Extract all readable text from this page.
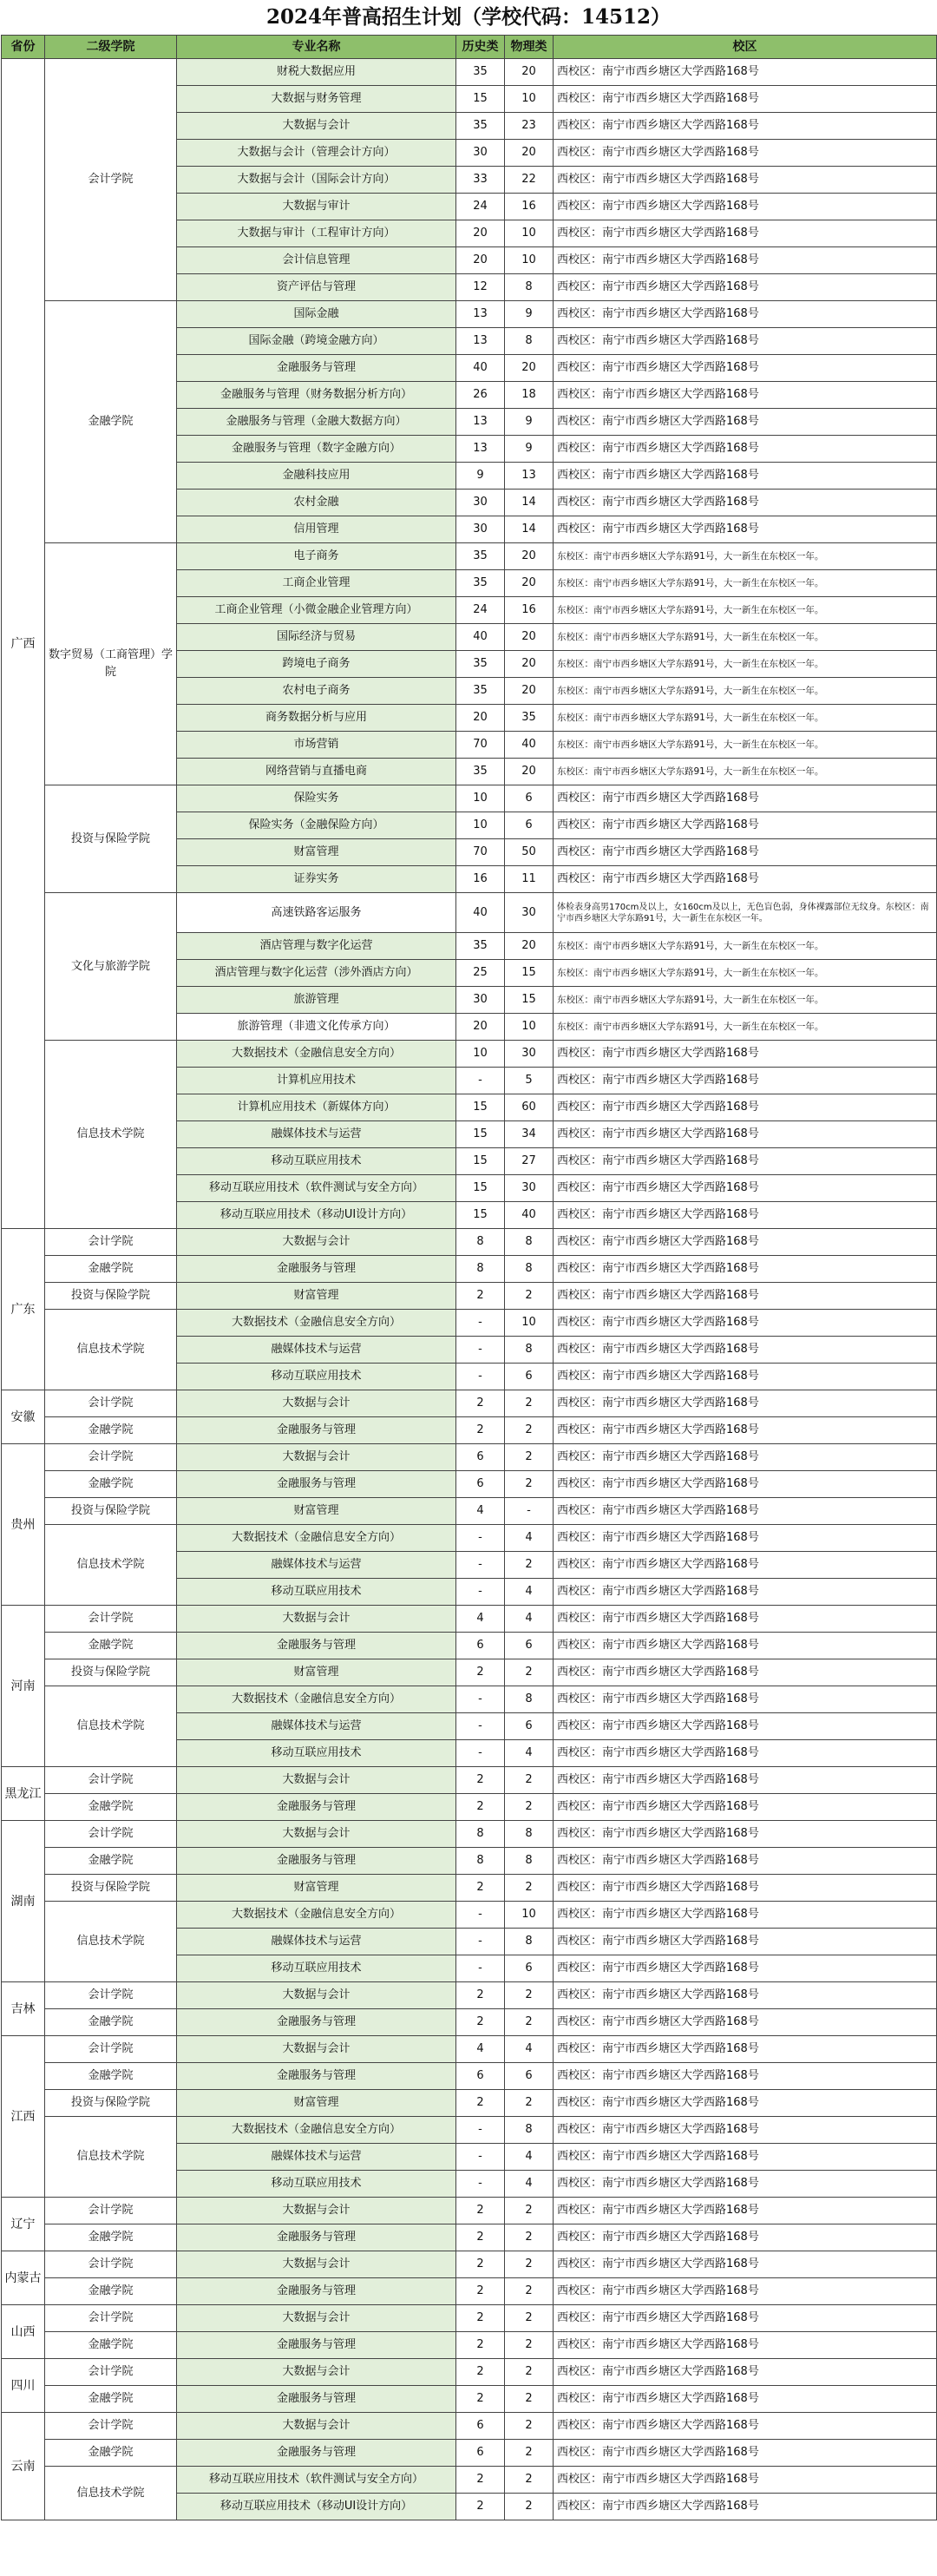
2024年普高招生计划（学校代码：14512）
省份	二级学院	专业名称	历史类	物理类	校区
广西	会计学院	财税大数据应用	35	20	西校区：南宁市西乡塘区大学西路168号
		大数据与财务管理	15	10	西校区：南宁市西乡塘区大学西路168号
		大数据与会计	35	23	西校区：南宁市西乡塘区大学西路168号
		大数据与会计（管理会计方向）	30	20	西校区：南宁市西乡塘区大学西路168号
		大数据与会计（国际会计方向）	33	22	西校区：南宁市西乡塘区大学西路168号
		大数据与审计	24	16	西校区：南宁市西乡塘区大学西路168号
		大数据与审计（工程审计方向）	20	10	西校区：南宁市西乡塘区大学西路168号
		会计信息管理	20	10	西校区：南宁市西乡塘区大学西路168号
		资产评估与管理	12	8	西校区：南宁市西乡塘区大学西路168号
	金融学院	国际金融	13	9	西校区：南宁市西乡塘区大学西路168号
		国际金融（跨境金融方向）	13	8	西校区：南宁市西乡塘区大学西路168号
		金融服务与管理	40	20	西校区：南宁市西乡塘区大学西路168号
		金融服务与管理（财务数据分析方向）	26	18	西校区：南宁市西乡塘区大学西路168号
		金融服务与管理（金融大数据方向）	13	9	西校区：南宁市西乡塘区大学西路168号
		金融服务与管理（数字金融方向）	13	9	西校区：南宁市西乡塘区大学西路168号
		金融科技应用	9	13	西校区：南宁市西乡塘区大学西路168号
		农村金融	30	14	西校区：南宁市西乡塘区大学西路168号
		信用管理	30	14	西校区：南宁市西乡塘区大学西路168号
	数字贸易（工商管理）学院	电子商务	35	20	东校区：南宁市西乡塘区大学东路91号，大一新生在东校区一年。
		工商企业管理	35	20	东校区：南宁市西乡塘区大学东路91号，大一新生在东校区一年。
		工商企业管理（小微金融企业管理方向）	24	16	东校区：南宁市西乡塘区大学东路91号，大一新生在东校区一年。
		国际经济与贸易	40	20	东校区：南宁市西乡塘区大学东路91号，大一新生在东校区一年。
		跨境电子商务	35	20	东校区：南宁市西乡塘区大学东路91号，大一新生在东校区一年。
		农村电子商务	35	20	东校区：南宁市西乡塘区大学东路91号，大一新生在东校区一年。
		商务数据分析与应用	20	35	东校区：南宁市西乡塘区大学东路91号，大一新生在东校区一年。
		市场营销	70	40	东校区：南宁市西乡塘区大学东路91号，大一新生在东校区一年。
		网络营销与直播电商	35	20	东校区：南宁市西乡塘区大学东路91号，大一新生在东校区一年。
	投资与保险学院	保险实务	10	6	西校区：南宁市西乡塘区大学西路168号
		保险实务（金融保险方向）	10	6	西校区：南宁市西乡塘区大学西路168号
		财富管理	70	50	西校区：南宁市西乡塘区大学西路168号
		证券实务	16	11	西校区：南宁市西乡塘区大学西路168号
	文化与旅游学院	高速铁路客运服务	40	30	体检表身高男170cm及以上，女160cm及以上，无色盲色弱，身体裸露部位无纹身。东校区：南宁市西乡塘区大学东路91号，大一新生在东校区一年。
		酒店管理与数字化运营	35	20	东校区：南宁市西乡塘区大学东路91号，大一新生在东校区一年。
		酒店管理与数字化运营（涉外酒店方向）	25	15	东校区：南宁市西乡塘区大学东路91号，大一新生在东校区一年。
		旅游管理	30	15	东校区：南宁市西乡塘区大学东路91号，大一新生在东校区一年。
		旅游管理（非遗文化传承方向）	20	10	东校区：南宁市西乡塘区大学东路91号，大一新生在东校区一年。
	信息技术学院	大数据技术（金融信息安全方向）	10	30	西校区：南宁市西乡塘区大学西路168号
		计算机应用技术	-	5	西校区：南宁市西乡塘区大学西路168号
		计算机应用技术（新媒体方向）	15	60	西校区：南宁市西乡塘区大学西路168号
		融媒体技术与运营	15	34	西校区：南宁市西乡塘区大学西路168号
		移动互联应用技术	15	27	西校区：南宁市西乡塘区大学西路168号
		移动互联应用技术（软件测试与安全方向）	15	30	西校区：南宁市西乡塘区大学西路168号
		移动互联应用技术（移动UI设计方向）	15	40	西校区：南宁市西乡塘区大学西路168号
广东	会计学院	大数据与会计	8	8	西校区：南宁市西乡塘区大学西路168号
	金融学院	金融服务与管理	8	8	西校区：南宁市西乡塘区大学西路168号
	投资与保险学院	财富管理	2	2	西校区：南宁市西乡塘区大学西路168号
	信息技术学院	大数据技术（金融信息安全方向）	-	10	西校区：南宁市西乡塘区大学西路168号
		融媒体技术与运营	-	8	西校区：南宁市西乡塘区大学西路168号
		移动互联应用技术	-	6	西校区：南宁市西乡塘区大学西路168号
安徽	会计学院	大数据与会计	2	2	西校区：南宁市西乡塘区大学西路168号
	金融学院	金融服务与管理	2	2	西校区：南宁市西乡塘区大学西路168号
贵州	会计学院	大数据与会计	6	2	西校区：南宁市西乡塘区大学西路168号
	金融学院	金融服务与管理	6	2	西校区：南宁市西乡塘区大学西路168号
	投资与保险学院	财富管理	4	-	西校区：南宁市西乡塘区大学西路168号
	信息技术学院	大数据技术（金融信息安全方向）	-	4	西校区：南宁市西乡塘区大学西路168号
		融媒体技术与运营	-	2	西校区：南宁市西乡塘区大学西路168号
		移动互联应用技术	-	4	西校区：南宁市西乡塘区大学西路168号
河南	会计学院	大数据与会计	4	4	西校区：南宁市西乡塘区大学西路168号
	金融学院	金融服务与管理	6	6	西校区：南宁市西乡塘区大学西路168号
	投资与保险学院	财富管理	2	2	西校区：南宁市西乡塘区大学西路168号
	信息技术学院	大数据技术（金融信息安全方向）	-	8	西校区：南宁市西乡塘区大学西路168号
		融媒体技术与运营	-	6	西校区：南宁市西乡塘区大学西路168号
		移动互联应用技术	-	4	西校区：南宁市西乡塘区大学西路168号
黑龙江	会计学院	大数据与会计	2	2	西校区：南宁市西乡塘区大学西路168号
	金融学院	金融服务与管理	2	2	西校区：南宁市西乡塘区大学西路168号
湖南	会计学院	大数据与会计	8	8	西校区：南宁市西乡塘区大学西路168号
	金融学院	金融服务与管理	8	8	西校区：南宁市西乡塘区大学西路168号
	投资与保险学院	财富管理	2	2	西校区：南宁市西乡塘区大学西路168号
	信息技术学院	大数据技术（金融信息安全方向）	-	10	西校区：南宁市西乡塘区大学西路168号
		融媒体技术与运营	-	8	西校区：南宁市西乡塘区大学西路168号
		移动互联应用技术	-	6	西校区：南宁市西乡塘区大学西路168号
吉林	会计学院	大数据与会计	2	2	西校区：南宁市西乡塘区大学西路168号
	金融学院	金融服务与管理	2	2	西校区：南宁市西乡塘区大学西路168号
江西	会计学院	大数据与会计	4	4	西校区：南宁市西乡塘区大学西路168号
	金融学院	金融服务与管理	6	6	西校区：南宁市西乡塘区大学西路168号
	投资与保险学院	财富管理	2	2	西校区：南宁市西乡塘区大学西路168号
	信息技术学院	大数据技术（金融信息安全方向）	-	8	西校区：南宁市西乡塘区大学西路168号
		融媒体技术与运营	-	4	西校区：南宁市西乡塘区大学西路168号
		移动互联应用技术	-	4	西校区：南宁市西乡塘区大学西路168号
辽宁	会计学院	大数据与会计	2	2	西校区：南宁市西乡塘区大学西路168号
	金融学院	金融服务与管理	2	2	西校区：南宁市西乡塘区大学西路168号
内蒙古	会计学院	大数据与会计	2	2	西校区：南宁市西乡塘区大学西路168号
	金融学院	金融服务与管理	2	2	西校区：南宁市西乡塘区大学西路168号
山西	会计学院	大数据与会计	2	2	西校区：南宁市西乡塘区大学西路168号
	金融学院	金融服务与管理	2	2	西校区：南宁市西乡塘区大学西路168号
四川	会计学院	大数据与会计	2	2	西校区：南宁市西乡塘区大学西路168号
	金融学院	金融服务与管理	2	2	西校区：南宁市西乡塘区大学西路168号
云南	会计学院	大数据与会计	6	2	西校区：南宁市西乡塘区大学西路168号
	金融学院	金融服务与管理	6	2	西校区：南宁市西乡塘区大学西路168号
	信息技术学院	移动互联应用技术（软件测试与安全方向）	2	2	西校区：南宁市西乡塘区大学西路168号
		移动互联应用技术（移动UI设计方向）	2	2	西校区：南宁市西乡塘区大学西路168号
